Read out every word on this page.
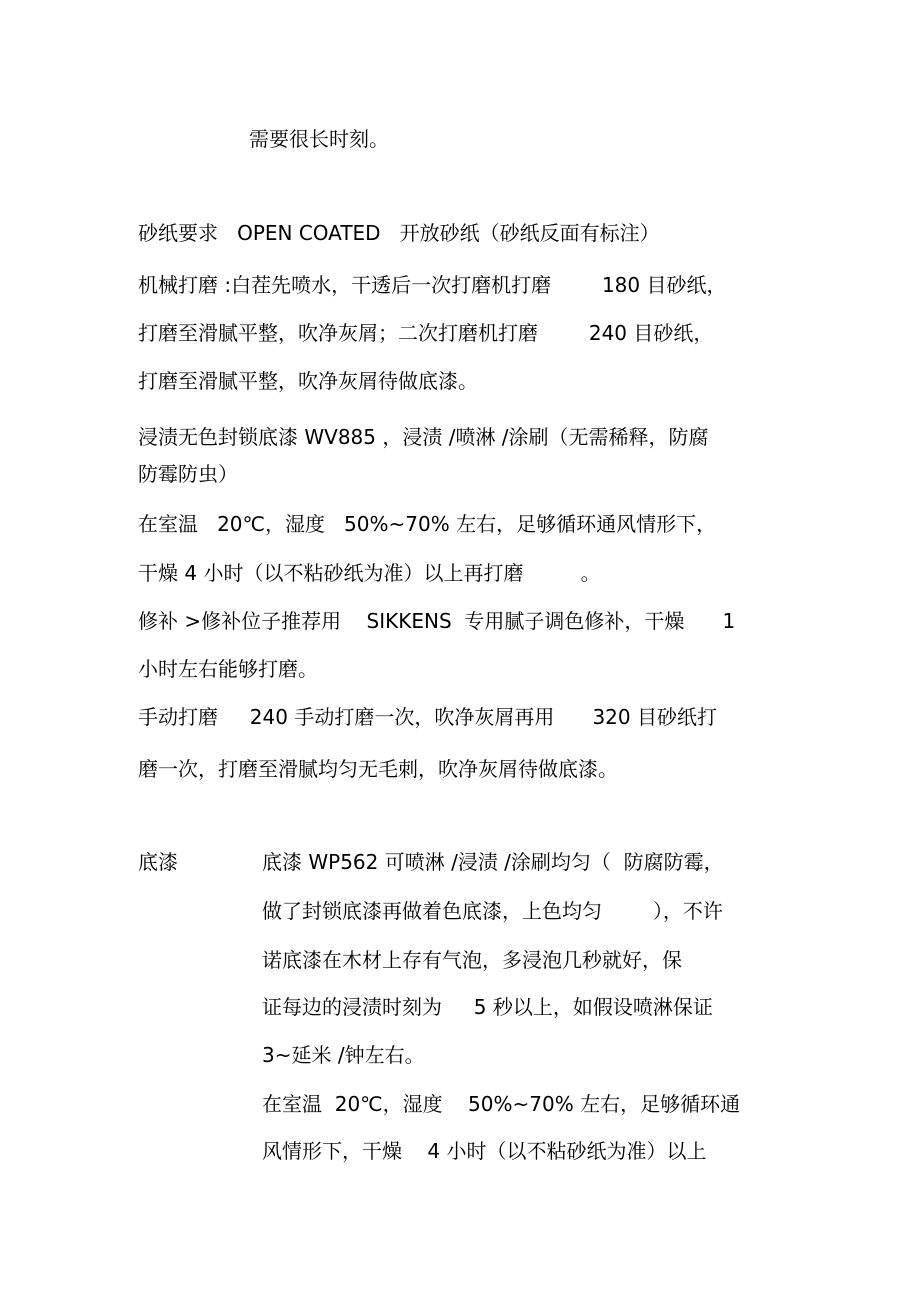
需要很长时刻。

砂纸要求   OPEN COATED   开放砂纸（砂纸反面有标注）

机械打磨 :白茬先喷水，干透后一次打磨机打磨        180 目砂纸，

打磨至滑腻平整，吹净灰屑；二次打磨机打磨        240 目砂纸，

打磨至滑腻平整，吹净灰屑待做底漆。

浸渍无色封锁底漆 WV885 ，浸渍 /喷淋 /涂刷（无需稀释，防腐

防霉防虫）

在室温   20℃，湿度   50%~70% 左右，足够循环通风情形下，

干燥 4 小时（以不粘砂纸为准）以上再打磨         。

修补 >修补位子推荐用    SIKKENS  专用腻子调色修补，干燥      1

小时左右能够打磨。

手动打磨     240 手动打磨一次，吹净灰屑再用      320 目砂纸打

磨一次，打磨至滑腻均匀无毛刺，吹净灰屑待做底漆。

底漆	底漆 WP562 可喷淋 /浸渍 /涂刷均匀（  防腐防霉，

做了封锁底漆再做着色底漆，上色均匀        ），不许

诺底漆在木材上存有气泡，多浸泡几秒就好，保

证每边的浸渍时刻为     5 秒以上，如假设喷淋保证

3~延米 /钟左右。

在室温  20℃，湿度    50%~70% 左右，足够循环通

风情形下，干燥    4 小时（以不粘砂纸为准）以上
